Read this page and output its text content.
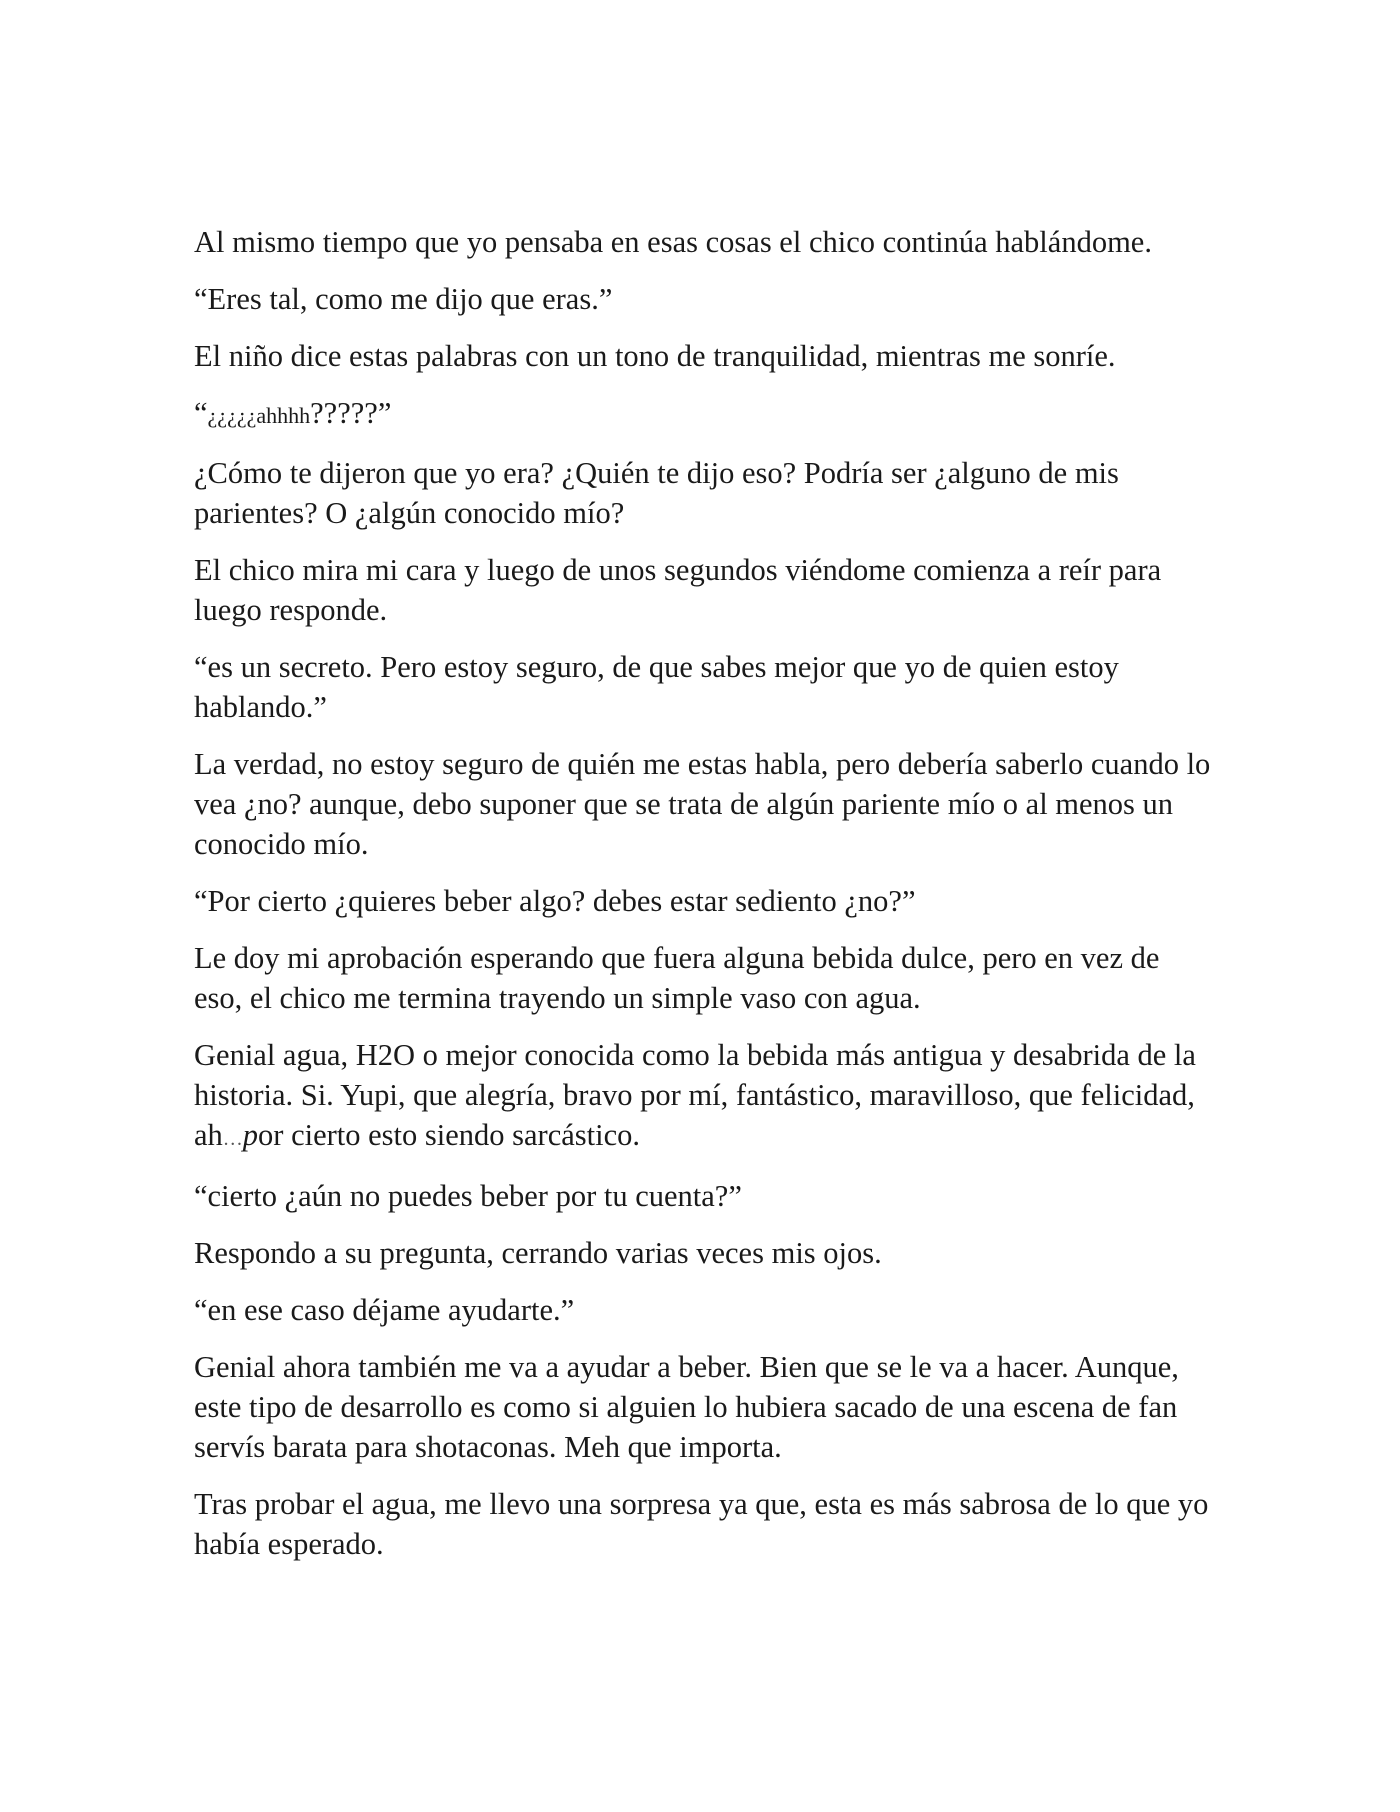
Al mismo tiempo que yo pensaba en esas cosas el chico continúa hablándome.

“Eres tal, como me dijo que eras.”

El niño dice estas palabras con un tono de tranquilidad, mientras me sonríe.

“¿¿¿¿¿ahhhh?????”

¿Cómo te dijeron que yo era? ¿Quién te dijo eso? Podría ser ¿alguno de mis parientes? O ¿algún conocido mío?

El chico mira mi cara y luego de unos segundos viéndome comienza a reír para luego responde.

“es un secreto. Pero estoy seguro, de que sabes mejor que yo de quien estoy hablando.”

La verdad, no estoy seguro de quién me estas habla, pero debería saberlo cuando lo vea ¿no? aunque, debo suponer que se trata de algún pariente mío o al menos un conocido mío.

“Por cierto ¿quieres beber algo? debes estar sediento ¿no?”

Le doy mi aprobación esperando que fuera alguna bebida dulce, pero en vez de eso, el chico me termina trayendo un simple vaso con agua.

Genial agua, H2O o mejor conocida como la bebida más antigua y desabrida de la historia. Si. Yupi, que alegría, bravo por mí, fantástico, maravilloso, que felicidad, ah…por cierto esto siendo sarcástico.

“cierto ¿aún no puedes beber por tu cuenta?”

Respondo a su pregunta, cerrando varias veces mis ojos.

“en ese caso déjame ayudarte.”

Genial ahora también me va a ayudar a beber. Bien que se le va a hacer. Aunque, este tipo de desarrollo es como si alguien lo hubiera sacado de una escena de fan servís barata para shotaconas. Meh que importa.

Tras probar el agua, me llevo una sorpresa ya que, esta es más sabrosa de lo que yo había esperado.
